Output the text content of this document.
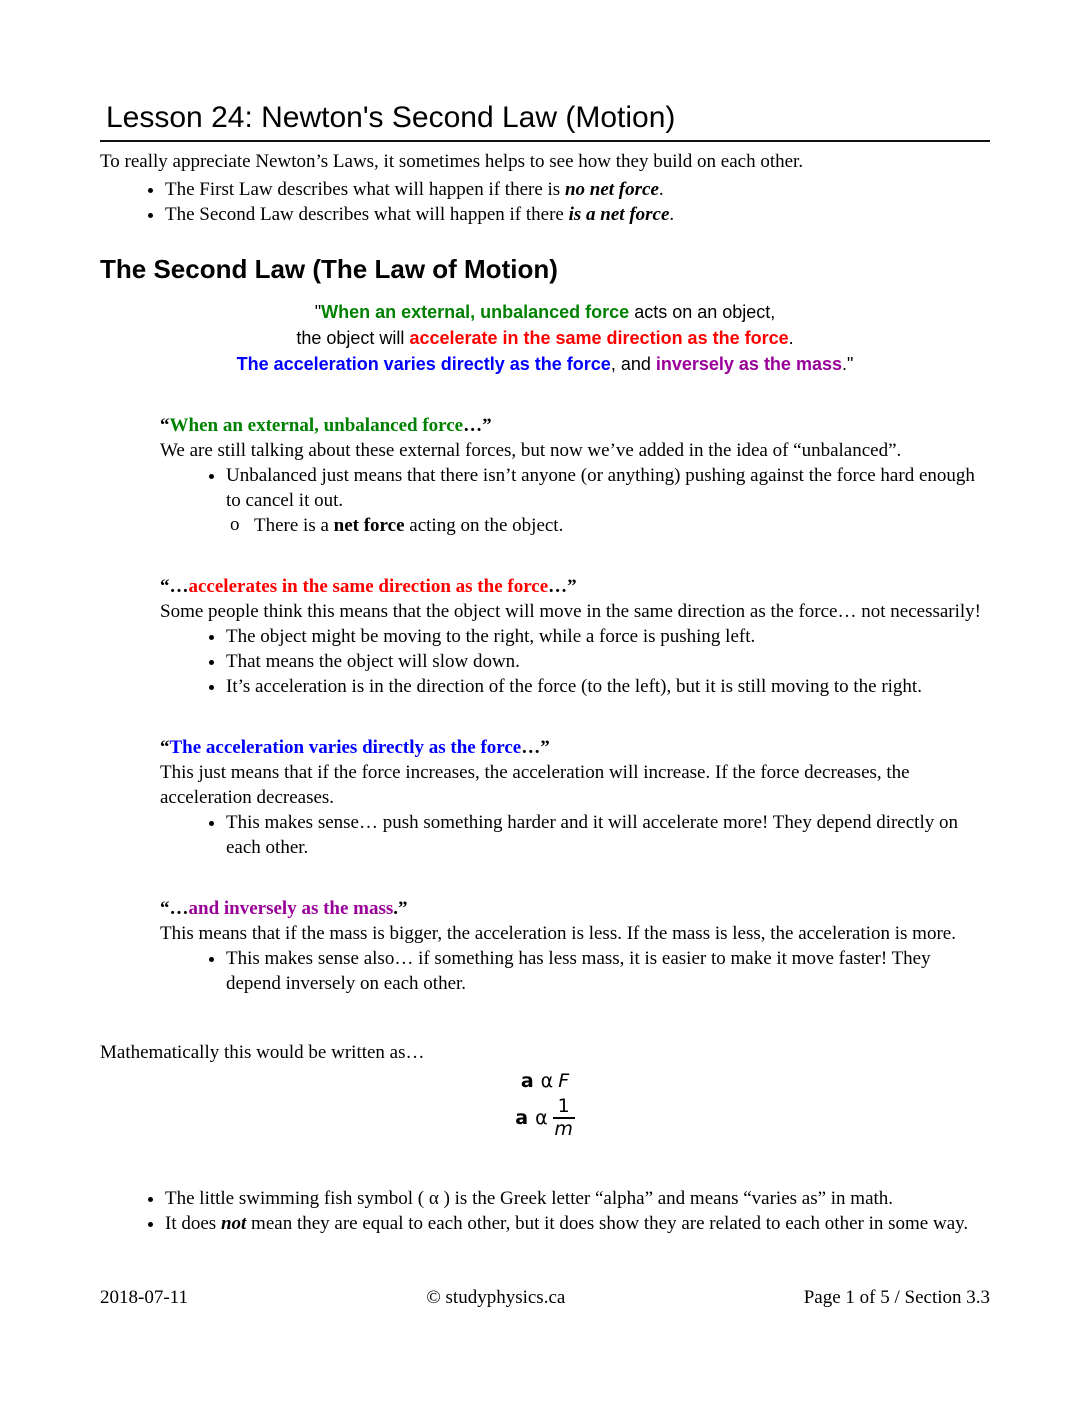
Lesson 24: Newton's Second Law (Motion)

To really appreciate Newton’s Laws, it sometimes helps to see how they build on each other.

• The First Law describes what will happen if there is no net force.
• The Second Law describes what will happen if there is a net force.
The Second Law (The Law of Motion)
"When an external, unbalanced force acts on an object,
the object will accelerate in the same direction as the force.
The acceleration varies directly as the force, and inversely as the mass."
“When an external, unbalanced force…”

We are still talking about these external forces, but now we’ve added in the idea of “unbalanced”.

• Unbalanced just means that there isn’t anyone (or anything) pushing against the force hard enough to cancel it out.
o There is a net force acting on the object.
“…accelerates in the same direction as the force…”

Some people think this means that the object will move in the same direction as the force… not necessarily!

• The object might be moving to the right, while a force is pushing left.
• That means the object will slow down.
• It’s acceleration is in the direction of the force (to the left), but it is still moving to the right.
“The acceleration varies directly as the force…”

This just means that if the force increases, the acceleration will increase. If the force decreases, the acceleration decreases.

• This makes sense… push something harder and it will accelerate more! They depend directly on each other.
“…and inversely as the mass.”

This means that if the mass is bigger, the acceleration is less. If the mass is less, the acceleration is more.

• This makes sense also… if something has less mass, it is easier to make it move faster! They depend inversely on each other.

Mathematically this would be written as…

a α F
a α $\frac{1}{m}$
• The little swimming fish symbol ( α ) is the Greek letter “alpha” and means “varies as” in math.
• It does not mean they are equal to each other, but it does show they are related to each other in some way.
2018-07-11	© studyphysics.ca	Page 1 of 5 / Section 3.3
